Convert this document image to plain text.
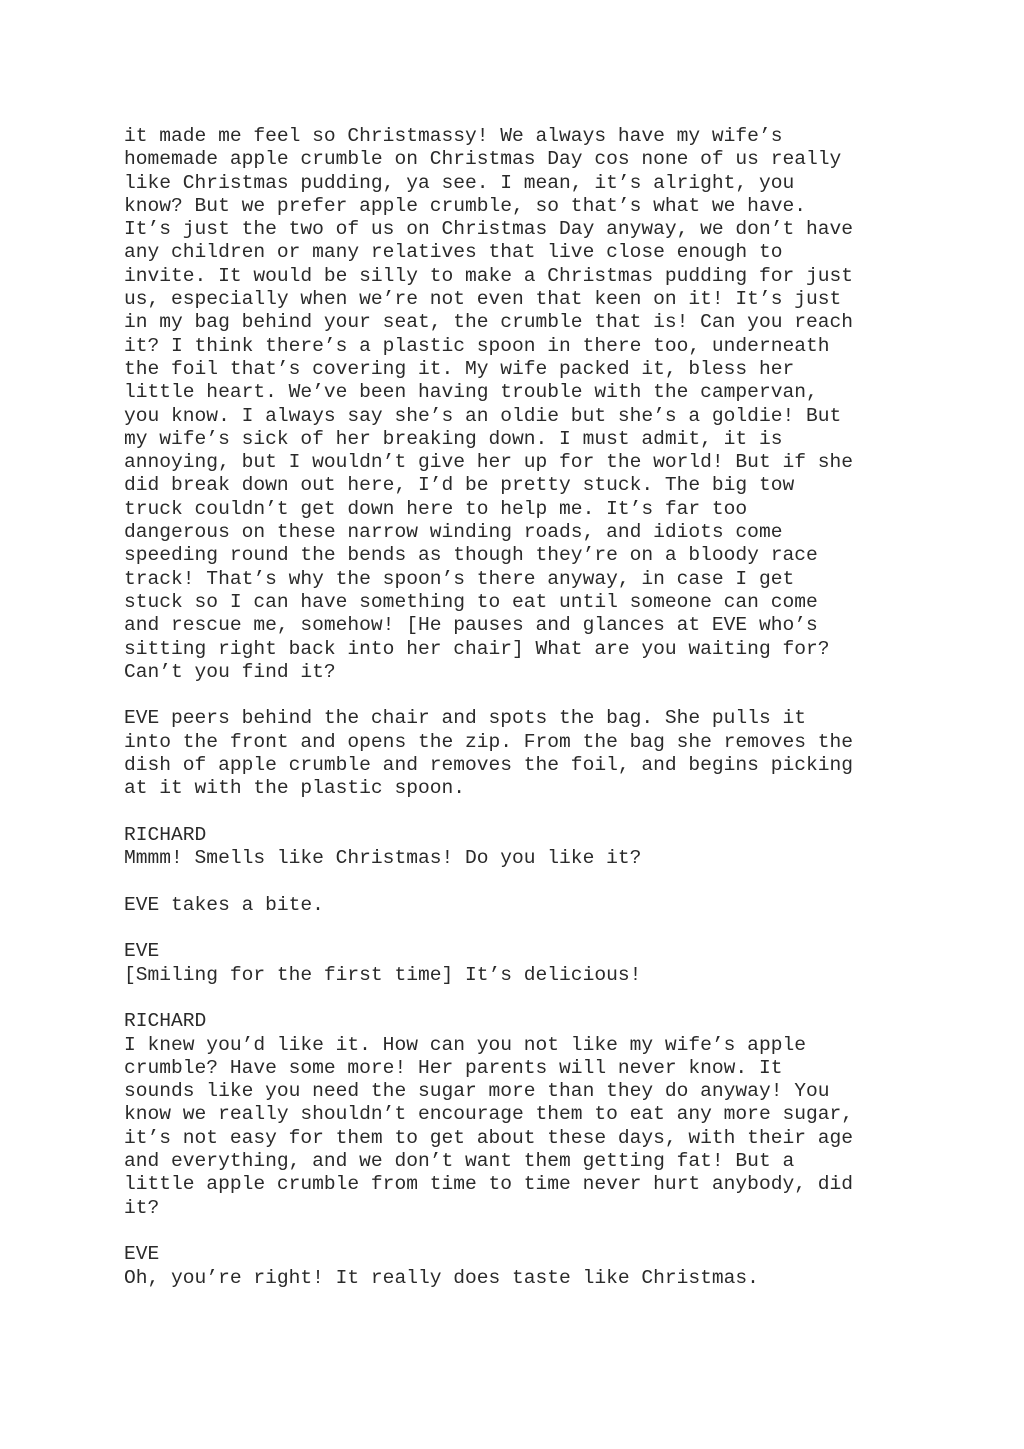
it made me feel so Christmassy! We always have my wife’s
homemade apple crumble on Christmas Day cos none of us really
like Christmas pudding, ya see. I mean, it’s alright, you
know? But we prefer apple crumble, so that’s what we have.
It’s just the two of us on Christmas Day anyway, we don’t have
any children or many relatives that live close enough to
invite. It would be silly to make a Christmas pudding for just
us, especially when we’re not even that keen on it! It’s just
in my bag behind your seat, the crumble that is! Can you reach
it? I think there’s a plastic spoon in there too, underneath
the foil that’s covering it. My wife packed it, bless her
little heart. We’ve been having trouble with the campervan,
you know. I always say she’s an oldie but she’s a goldie! But
my wife’s sick of her breaking down. I must admit, it is
annoying, but I wouldn’t give her up for the world! But if she
did break down out here, I’d be pretty stuck. The big tow
truck couldn’t get down here to help me. It’s far too
dangerous on these narrow winding roads, and idiots come
speeding round the bends as though they’re on a bloody race
track! That’s why the spoon’s there anyway, in case I get
stuck so I can have something to eat until someone can come
and rescue me, somehow! [He pauses and glances at EVE who’s
sitting right back into her chair] What are you waiting for?
Can’t you find it?
EVE peers behind the chair and spots the bag. She pulls it
into the front and opens the zip. From the bag she removes the
dish of apple crumble and removes the foil, and begins picking
at it with the plastic spoon.
RICHARD
Mmmm! Smells like Christmas! Do you like it?
EVE takes a bite.
EVE
[Smiling for the first time] It’s delicious!
RICHARD
I knew you’d like it. How can you not like my wife’s apple
crumble? Have some more! Her parents will never know. It
sounds like you need the sugar more than they do anyway! You
know we really shouldn’t encourage them to eat any more sugar,
it’s not easy for them to get about these days, with their age
and everything, and we don’t want them getting fat! But a
little apple crumble from time to time never hurt anybody, did
it?
EVE
Oh, you’re right! It really does taste like Christmas.
